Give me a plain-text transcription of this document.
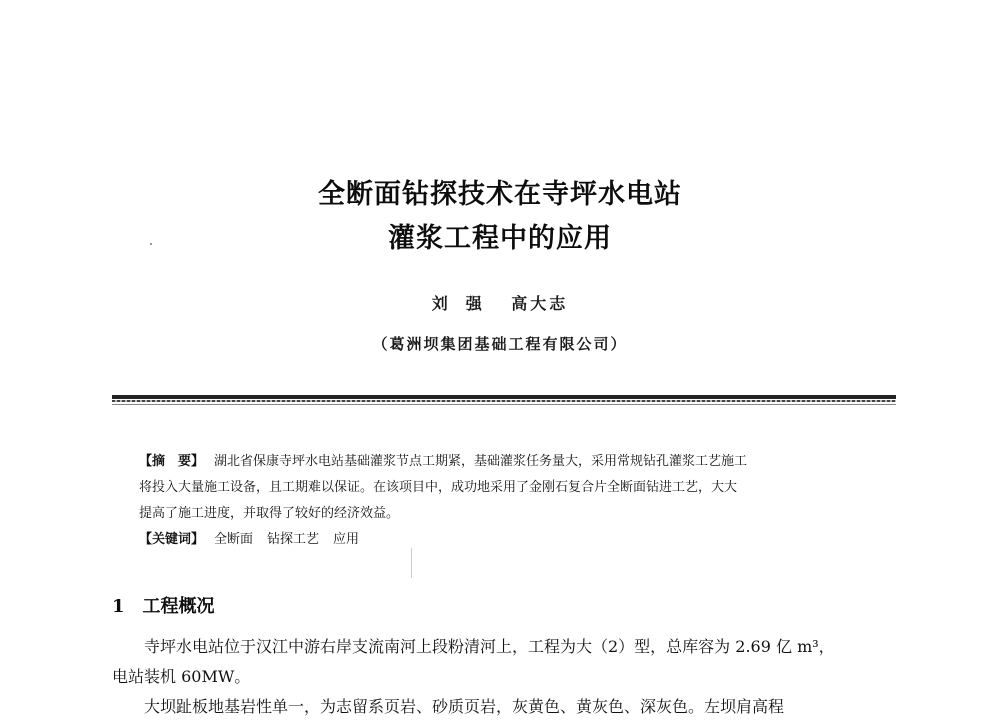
全断面钻探技术在寺坪水电站
灌浆工程中的应用
刘强 高大志
（葛洲坝集团基础工程有限公司）
【摘　要】 湖北省保康寺坪水电站基础灌浆节点工期紧，基础灌浆任务量大，采用常规钻孔灌浆工艺施工
将投入大量施工设备，且工期难以保证。在该项目中，成功地采用了金刚石复合片全断面钻进工艺，大大
提高了施工进度，并取得了较好的经济效益。
【关键词】 全断面 钻探工艺 应用
1 工程概况

寺坪水电站位于汉江中游右岸支流南河上段粉清河上，工程为大（2）型，总库容为 2.69 亿 m³，

电站装机 60MW。

大坝趾板地基岩性单一，为志留系页岩、砂质页岩，灰黄色、黄灰色、深灰色。左坝肩高程
